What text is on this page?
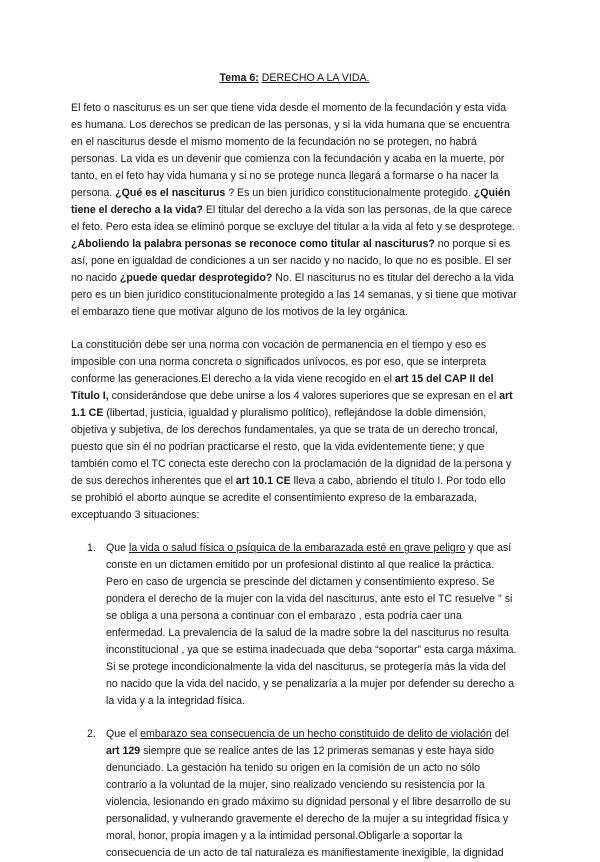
Tema 6: DERECHO A LA VIDA.

El feto o nasciturus es un ser que tiene vida desde el momento de la fecundación y esta vida es humana. Los derechos se predican de las personas, y si la vida humana que se encuentra en el nasciturus desde el mismo momento de la fecundación no se protegen, no habrá personas. La vida es un devenir que comienza con la fecundación y acaba en la muerte, por tanto, en el feto hay vida humana y si no se protege nunca llegará a formarse o ha nacer la persona. ¿Qué es el nasciturus ? Es un bien jurídico constitucionalmente protegido. ¿Quién tiene el derecho a la vida? El titular del derecho a la vida son las personas, de la que carece el feto. Pero esta idea se eliminó porque se excluye del titular a la vida al feto y se desprotege. ¿Aboliendo la palabra personas se reconoce como titular al nasciturus? no porque si es así, pone en igualdad de condiciones a un ser nacido y no nacido, lo que no es posible. El ser no nacido ¿puede quedar desprotegido? No. El nasciturus no es titular del derecho a la vida pero es un bien jurídico constitucionalmente protegido a las 14 semanas, y si tiene que motivar el embarazo tiene que motivar alguno de los motivos de la ley orgánica.

La constitución debe ser una norma con vocación de permanencia en el tiempo y eso es imposible con una norma concreta o significados unívocos, es por eso, que se interpreta conforme las generaciones.El derecho a la vida viene recogido en el art 15 del CAP II del Título I, considerándose que debe unirse a los 4 valores superiores que se expresan en el art 1.1 CE (libertad, justicia, igualdad y pluralismo político), reflejándose la doble dimensión, objetiva y subjetiva, de los derechos fundamentales, ya que se trata de un derecho troncal, puesto que sin él no podrían practicarse el resto, que la vida evidentemente tiene; y que también como el TC conecta este derecho con la proclamación de la dignidad de la persona y de sus derechos inherentes que el art 10.1 CE lleva a cabo, abriendo el título I. Por todo ello se prohibió el aborto aunque se acredite el consentimiento expreso de la embarazada, exceptuando 3 situaciones:

1. Que la vida o salud física o psíquica de la embarazada esté en grave peligro y que así conste en un dictamen emitido por un profesional distinto al que realice la práctica. Pero en caso de urgencia se prescinde del dictamen y consentimiento expreso. Se pondera el derecho de la mujer con la vida del nasciturus, ante esto el TC resuelve " si se obliga a una persona a continuar con el embarazo , esta podría caer una enfermedad. La prevalencia de la salud de la madre sobre la del nasciturus no resulta inconstitucional , ya que se estima inadecuada que deba “soportar” esta carga máxima. Si se protege incondicionalmente la vida del nasciturus, se protegería más la vida del no nacido que la vida del nacido, y se penalizaría a la mujer por defender su derecho a la vida y a la integridad física.
2. Que el embarazo sea consecuencia de un hecho constituido de delito de violación del art 129 siempre que se realice antes de las 12 primeras semanas y este haya sido denunciado. La gestación ha tenido su origen en la comisión de un acto no sólo contrario a la voluntad de la mujer, sino realizado venciendo su resistencia por la violencia, lesionando en grado máximo su dignidad personal y el libre desarrollo de su personalidad, y vulnerando gravemente el derecho de la mujer a su integridad física y moral, honor, propia imagen y a la intimidad personal.Obligarle a soportar la consecuencia de un acto de tal naturaleza es manifiestamente inexigible, la dignidad
